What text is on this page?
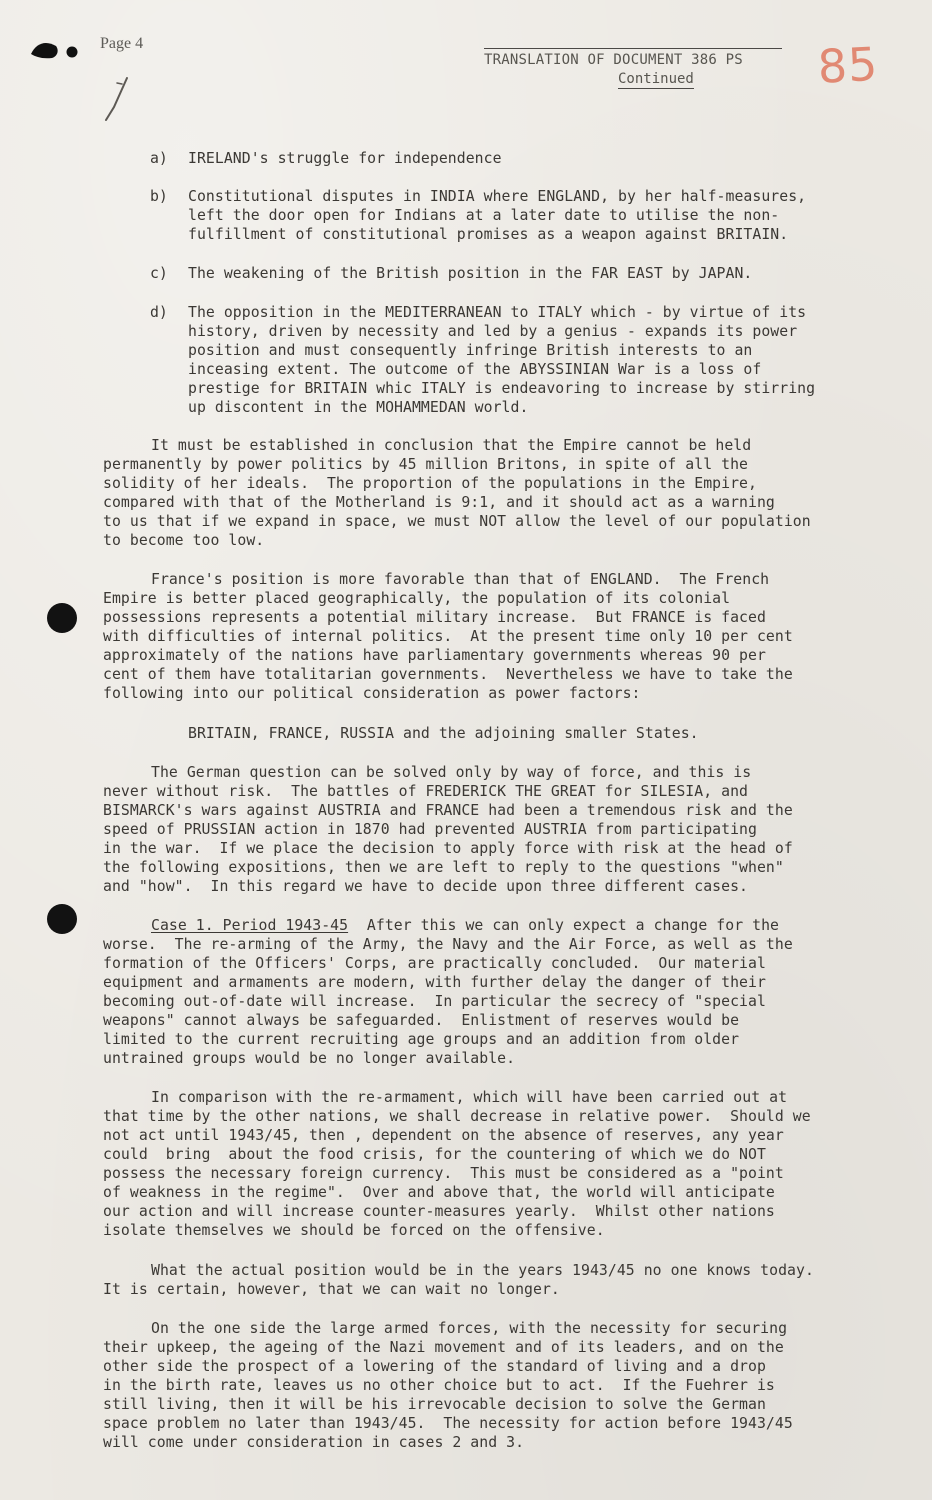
Page 4
TRANSLATION OF DOCUMENT 386 PS
Continued	85
a) IRELAND's struggle for independence
b) Constitutional disputes in INDIA where ENGLAND, by her half-measures,
left the door open for Indians at a later date to utilise the non-
fulfillment of constitutional promises as a weapon against BRITAIN.
c) The weakening of the British position in the FAR EAST by JAPAN.
d) The opposition in the MEDITERRANEAN to ITALY which - by virtue of its
history, driven by necessity and led by a genius - expands its power
position and must consequently infringe British interests to an
inceasing extent. The outcome of the ABYSSINIAN War is a loss of
prestige for BRITAIN whic ITALY is endeavoring to increase by stirring
up discontent in the MOHAMMEDAN world.
It must be established in conclusion that the Empire cannot be held
permanently by power politics by 45 million Britons, in spite of all the
solidity of her ideals.  The proportion of the populations in the Empire,
compared with that of the Motherland is 9:1, and it should act as a warning
to us that if we expand in space, we must NOT allow the level of our population
to become too low.
France's position is more favorable than that of ENGLAND.  The French
Empire is better placed geographically, the population of its colonial
possessions represents a potential military increase.  But FRANCE is faced
with difficulties of internal politics.  At the present time only 10 per cent
approximately of the nations have parliamentary governments whereas 90 per
cent of them have totalitarian governments.  Nevertheless we have to take the
following into our political consideration as power factors:
BRITAIN, FRANCE, RUSSIA and the adjoining smaller States.
The German question can be solved only by way of force, and this is
never without risk.  The battles of FREDERICK THE GREAT for SILESIA, and
BISMARCK's wars against AUSTRIA and FRANCE had been a tremendous risk and the
speed of PRUSSIAN action in 1870 had prevented AUSTRIA from participating
in the war.  If we place the decision to apply force with risk at the head of
the following expositions, then we are left to reply to the questions "when"
and "how".  In this regard we have to decide upon three different cases.
Case 1. Period 1943-45 After this we can only expect a change for the
worse.  The re-arming of the Army, the Navy and the Air Force, as well as the
formation of the Officers' Corps, are practically concluded.  Our material
equipment and armaments are modern, with further delay the danger of their
becoming out-of-date will increase.  In particular the secrecy of "special
weapons" cannot always be safeguarded.  Enlistment of reserves would be
limited to the current recruiting age groups and an addition from older
untrained groups would be no longer available.
In comparison with the re-armament, which will have been carried out at
that time by the other nations, we shall decrease in relative power.  Should we
not act until 1943/45, then , dependent on the absence of reserves, any year
could  bring  about the food crisis, for the countering of which we do NOT
possess the necessary foreign currency.  This must be considered as a "point
of weakness in the regime".  Over and above that, the world will anticipate
our action and will increase counter-measures yearly.  Whilst other nations
isolate themselves we should be forced on the offensive.
What the actual position would be in the years 1943/45 no one knows today.
It is certain, however, that we can wait no longer.
On the one side the large armed forces, with the necessity for securing
their upkeep, the ageing of the Nazi movement and of its leaders, and on the
other side the prospect of a lowering of the standard of living and a drop
in the birth rate, leaves us no other choice but to act.  If the Fuehrer is
still living, then it will be his irrevocable decision to solve the German
space problem no later than 1943/45.  The necessity for action before 1943/45
will come under consideration in cases 2 and 3.
